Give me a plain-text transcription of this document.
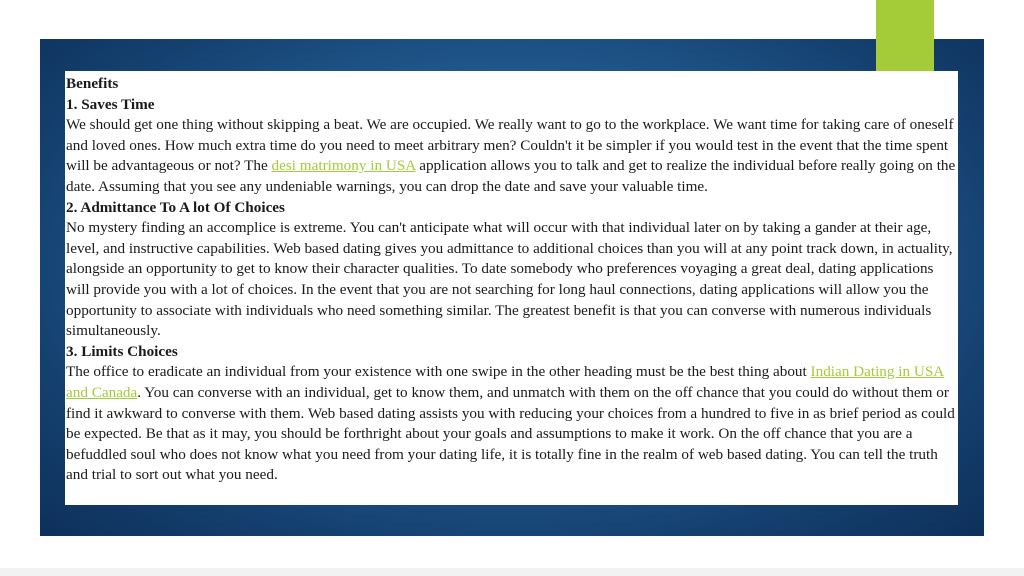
Benefits

1. Saves Time

We should get one thing without skipping a beat. We are occupied. We really want to go to the workplace. We want time for taking care of oneself and loved ones. How much extra time do you need to meet arbitrary men? Couldn't it be simpler if you would test in the event that the time spent will be advantageous or not? The desi matrimony in USA application allows you to talk and get to realize the individual before really going on the date. Assuming that you see any undeniable warnings, you can drop the date and save your valuable time.

2. Admittance To A lot Of Choices

No mystery finding an accomplice is extreme. You can't anticipate what will occur with that individual later on by taking a gander at their age, level, and instructive capabilities. Web based dating gives you admittance to additional choices than you will at any point track down, in actuality, alongside an opportunity to get to know their character qualities. To date somebody who preferences voyaging a great deal, dating applications will provide you with a lot of choices. In the event that you are not searching for long haul connections, dating applications will allow you the opportunity to associate with individuals who need something similar. The greatest benefit is that you can converse with numerous individuals simultaneously.

3. Limits Choices

The office to eradicate an individual from your existence with one swipe in the other heading must be the best thing about Indian Dating in USA and Canada. You can converse with an individual, get to know them, and unmatch with them on the off chance that you could do without them or find it awkward to converse with them. Web based dating assists you with reducing your choices from a hundred to five in as brief period as could be expected. Be that as it may, you should be forthright about your goals and assumptions to make it work. On the off chance that you are a befuddled soul who does not know what you need from your dating life, it is totally fine in the realm of web based dating. You can tell the truth and trial to sort out what you need.
